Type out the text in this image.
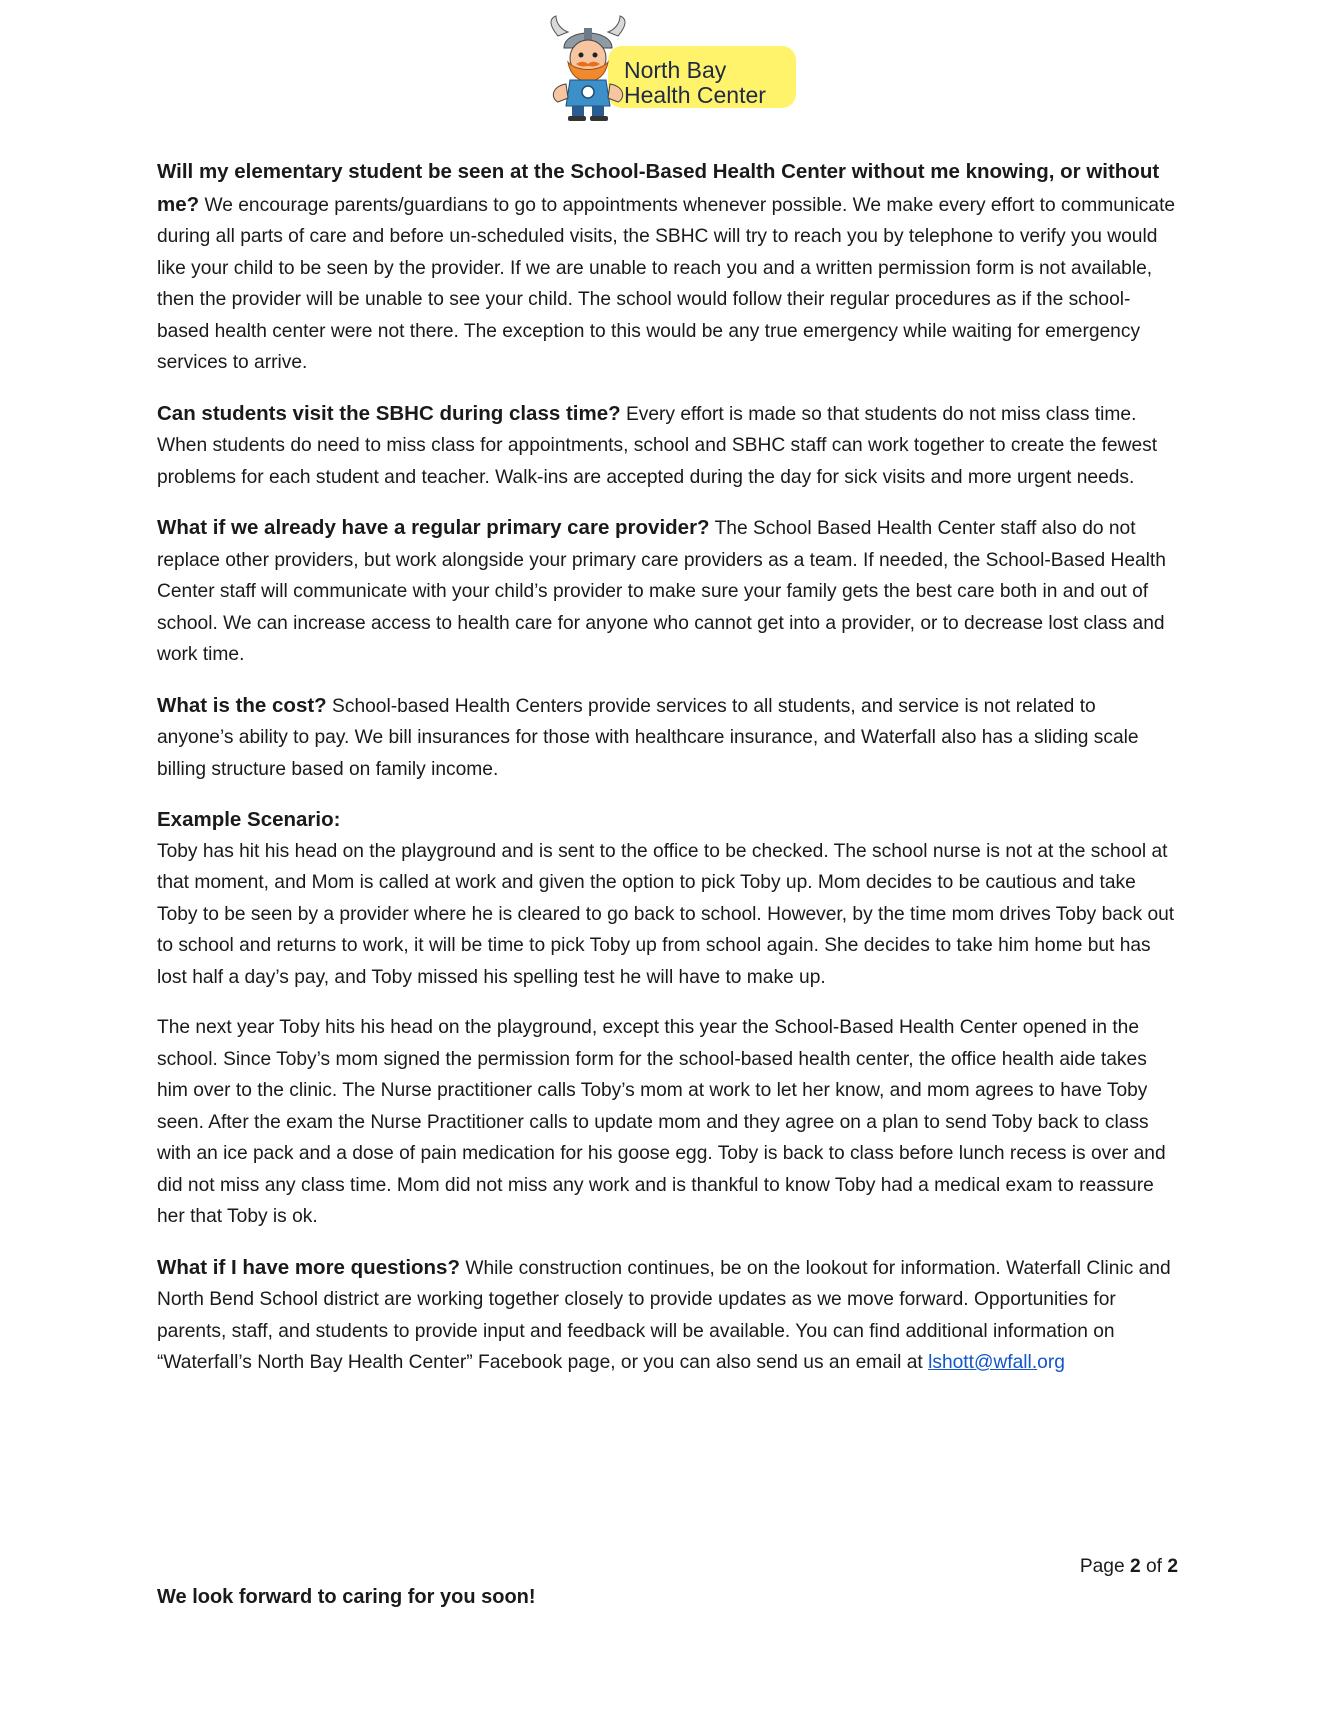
North Bay
Health Center

Will my elementary student be seen at the School-Based Health Center without me knowing, or without me? We encourage parents/guardians to go to appointments whenever possible. We make every effort to communicate during all parts of care and before un-scheduled visits, the SBHC will try to reach you by telephone to verify you would like your child to be seen by the provider. If we are unable to reach you and a written permission form is not available, then the provider will be unable to see your child. The school would follow their regular procedures as if the school-based health center were not there. The exception to this would be any true emergency while waiting for emergency services to arrive.

Can students visit the SBHC during class time? Every effort is made so that students do not miss class time. When students do need to miss class for appointments, school and SBHC staff can work together to create the fewest problems for each student and teacher. Walk-ins are accepted during the day for sick visits and more urgent needs.

What if we already have a regular primary care provider? The School Based Health Center staff also do not replace other providers, but work alongside your primary care providers as a team. If needed, the School-Based Health Center staff will communicate with your child’s provider to make sure your family gets the best care both in and out of school. We can increase access to health care for anyone who cannot get into a provider, or to decrease lost class and work time.

What is the cost? School-based Health Centers provide services to all students, and service is not related to anyone’s ability to pay. We bill insurances for those with healthcare insurance, and Waterfall also has a sliding scale billing structure based on family income.

Example Scenario:
Toby has hit his head on the playground and is sent to the office to be checked. The school nurse is not at the school at that moment, and Mom is called at work and given the option to pick Toby up. Mom decides to be cautious and take Toby to be seen by a provider where he is cleared to go back to school. However, by the time mom drives Toby back out to school and returns to work, it will be time to pick Toby up from school again. She decides to take him home but has lost half a day’s pay, and Toby missed his spelling test he will have to make up.

The next year Toby hits his head on the playground, except this year the School-Based Health Center opened in the school. Since Toby’s mom signed the permission form for the school-based health center, the office health aide takes him over to the clinic. The Nurse practitioner calls Toby’s mom at work to let her know, and mom agrees to have Toby seen. After the exam the Nurse Practitioner calls to update mom and they agree on a plan to send Toby back to class with an ice pack and a dose of pain medication for his goose egg. Toby is back to class before lunch recess is over and did not miss any class time. Mom did not miss any work and is thankful to know Toby had a medical exam to reassure her that Toby is ok.

What if I have more questions? While construction continues, be on the lookout for information. Waterfall Clinic and North Bend School district are working together closely to provide updates as we move forward. Opportunities for parents, staff, and students to provide input and feedback will be available. You can find additional information on “Waterfall’s North Bay Health Center” Facebook page, or you can also send us an email at lshott@wfall.org

Page 2 of 2
We look forward to caring for you soon!
